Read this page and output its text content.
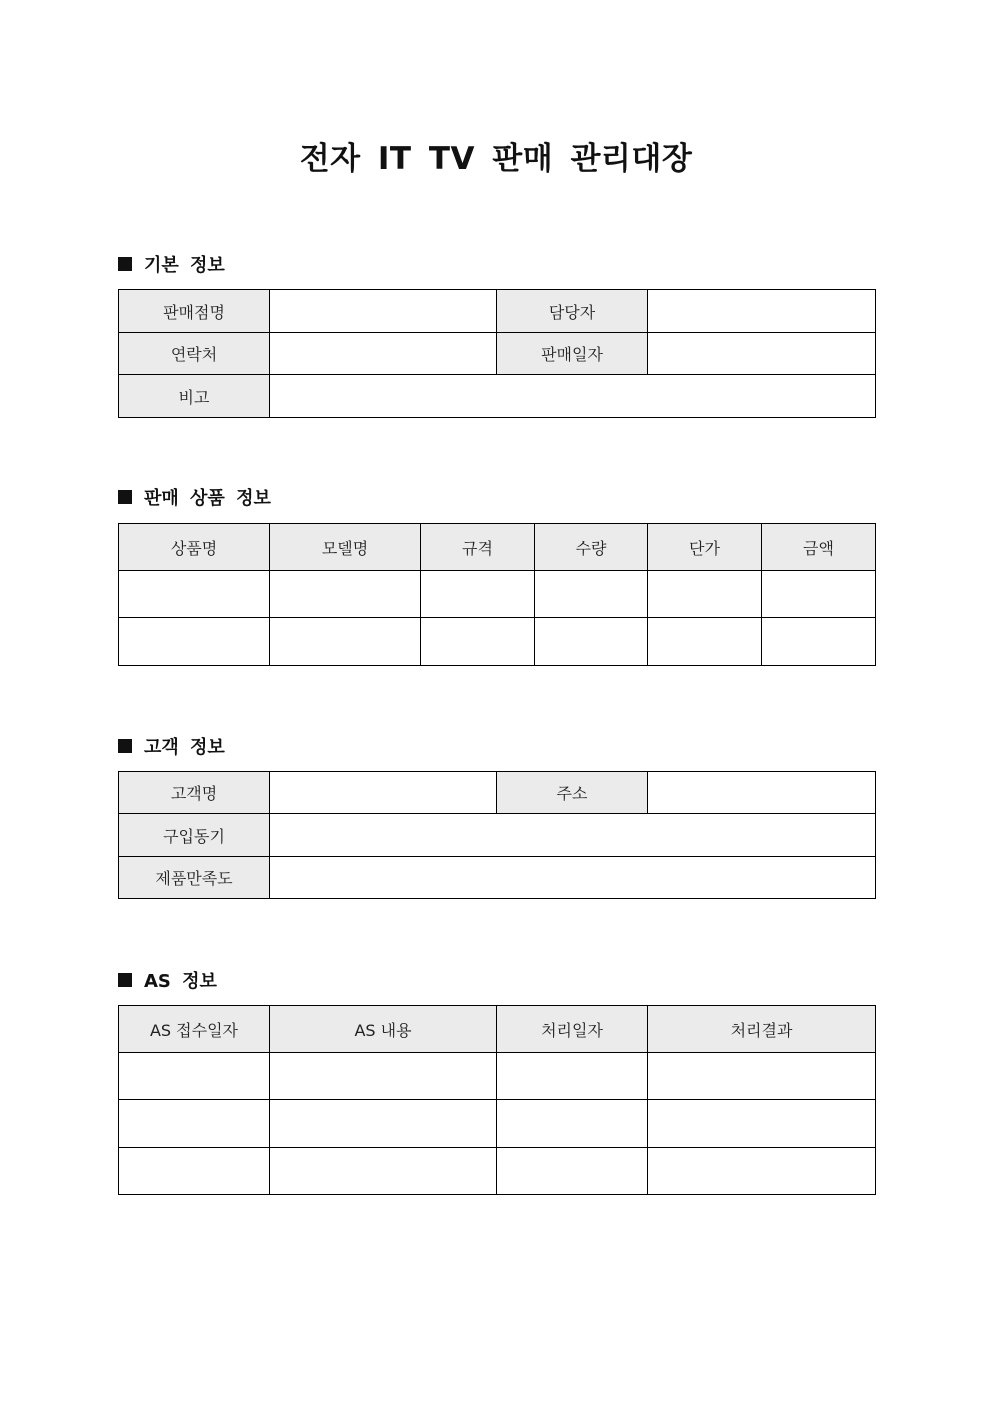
전자 IT TV 판매 관리대장
기본 정보
판매점명		담당자	
연락처		판매일자	
비고			
판매 상품 정보
상품명	모델명	규격	수량	단가	금액

고객 정보
고객명		주소	
구입동기			
제품만족도			
AS 정보
AS 접수일자	AS 내용	처리일자	처리결과
